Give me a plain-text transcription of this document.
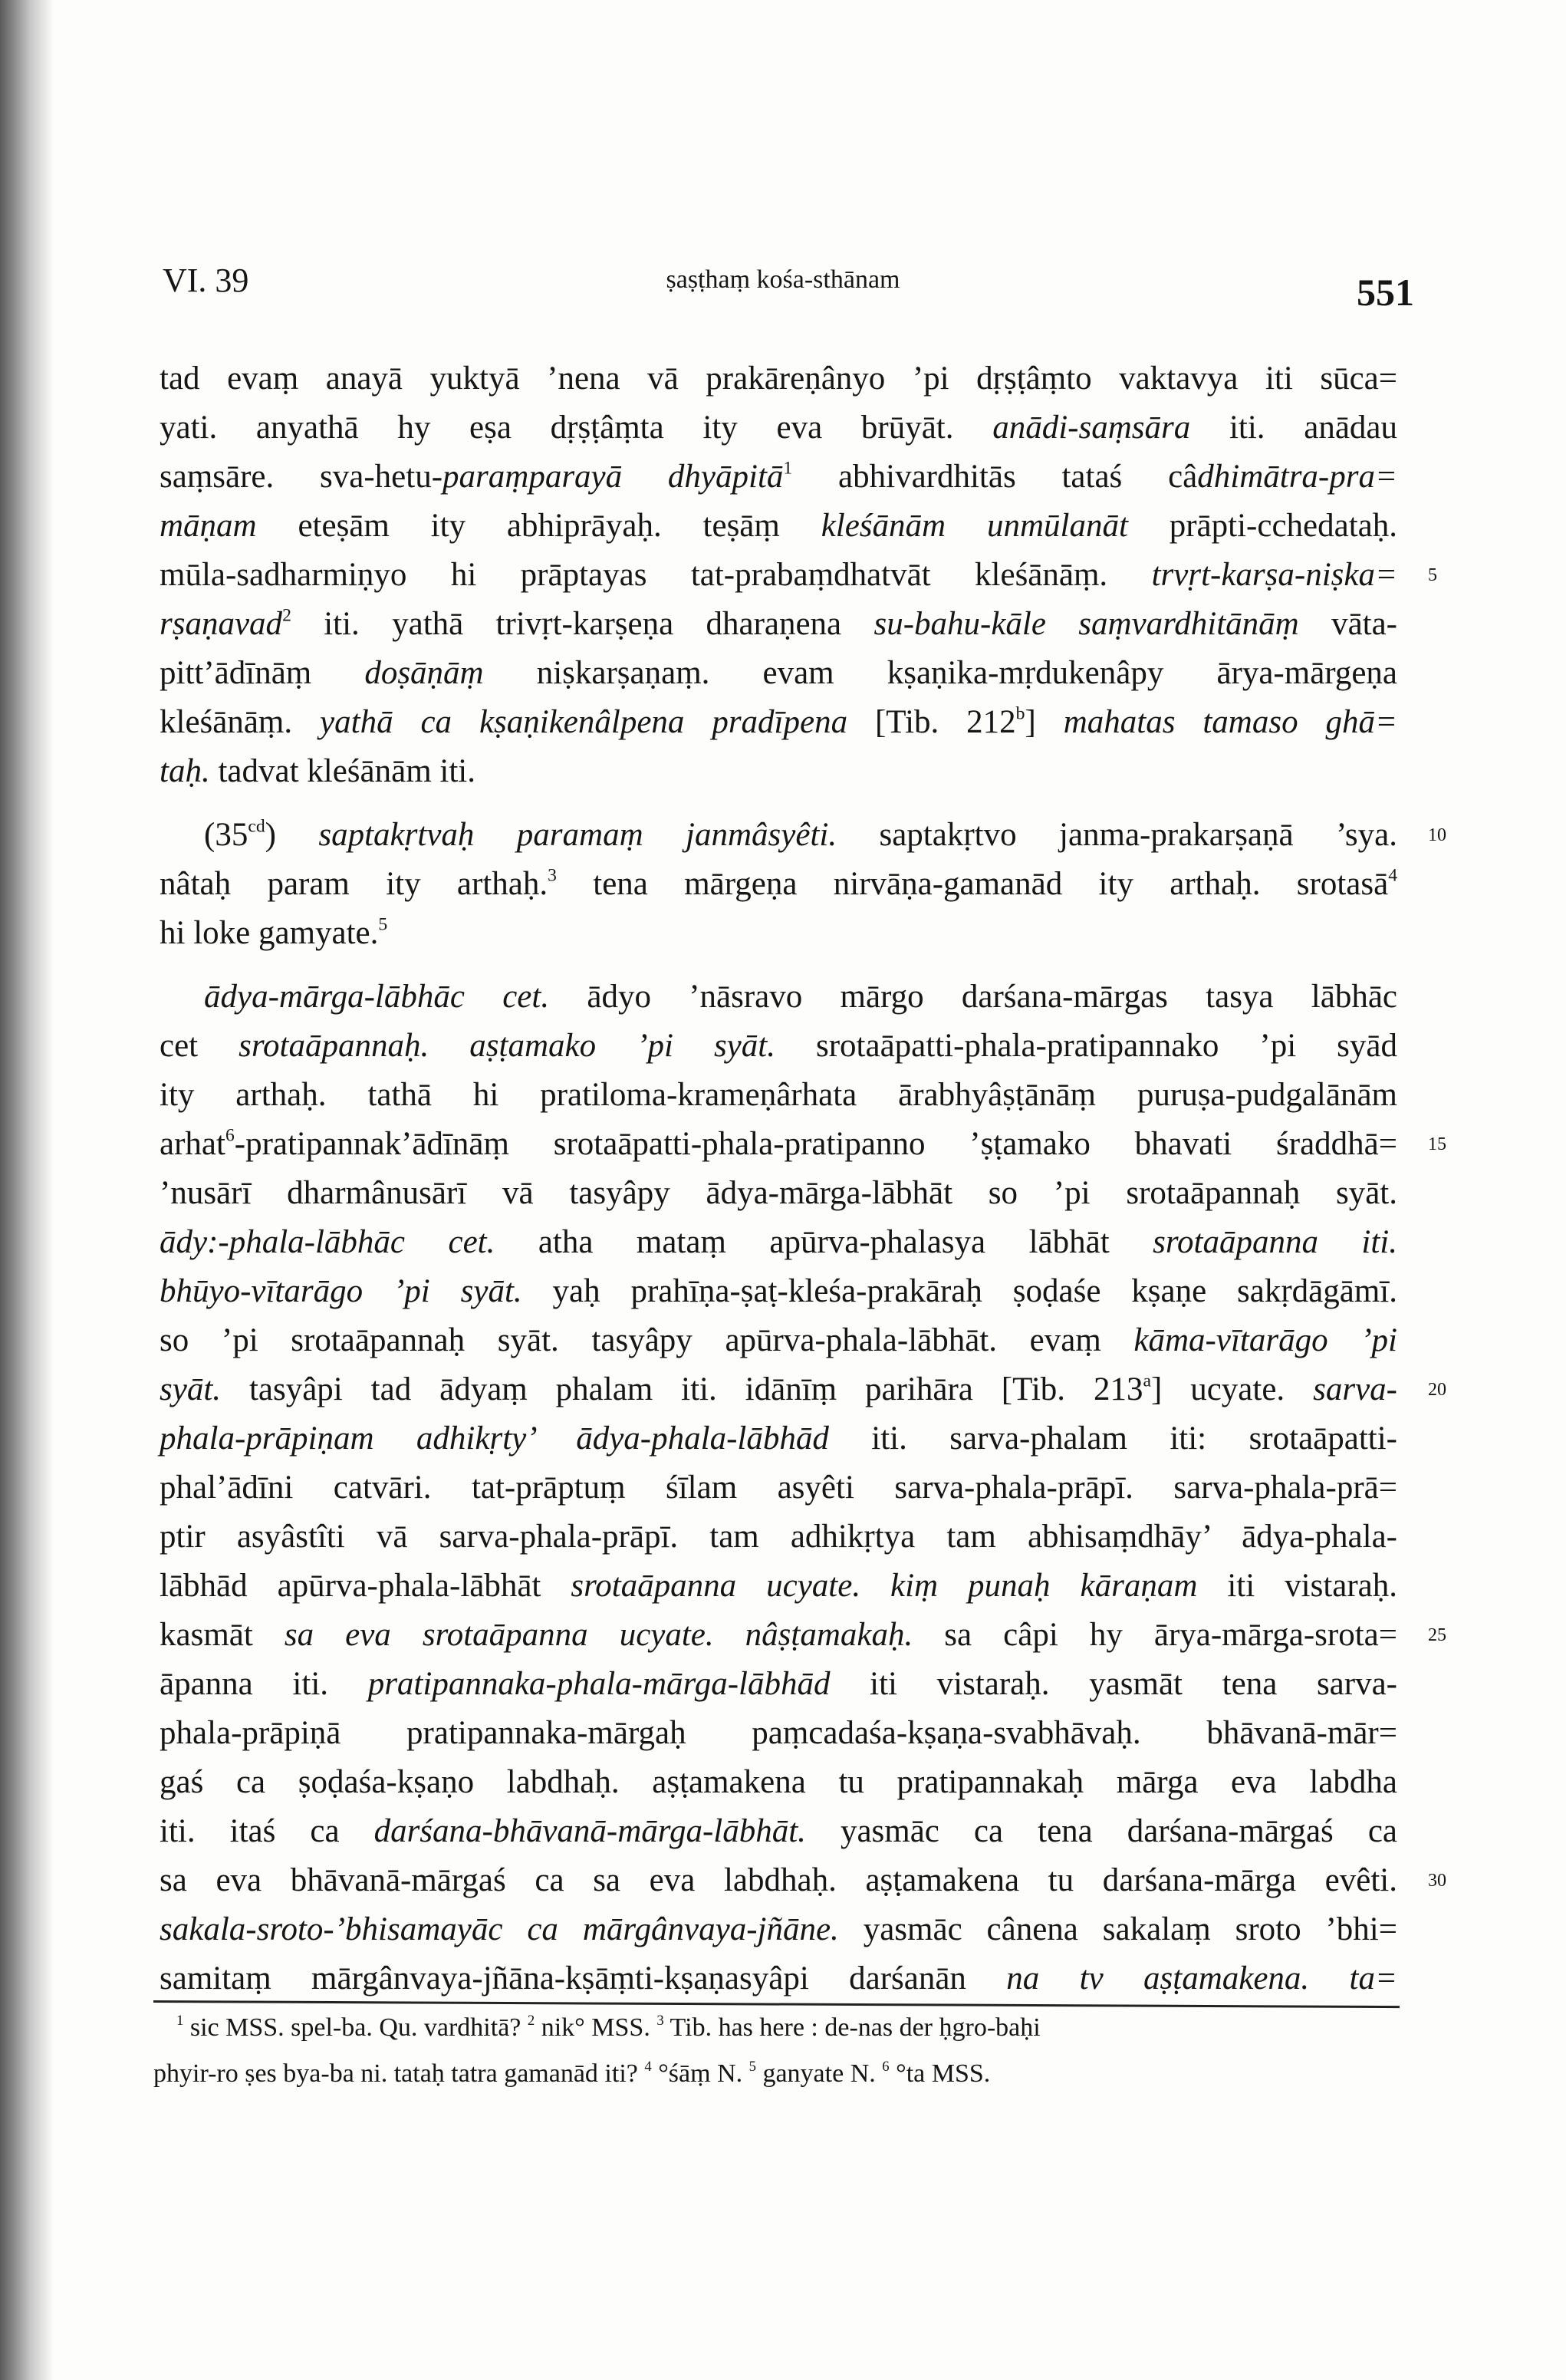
VI. 39	ṣaṣṭhaṃ kośa-sthānam	551
tad evaṃ anayā yuktyā ’nena vā prakāreṇânyo ’pi dṛṣṭâṃto vaktavya iti sūca=
yati. anyathā hy eṣa dṛṣṭâṃta ity eva brūyāt. anādi-saṃsāra iti. anādau
saṃsāre. sva-hetu-paraṃparayā dhyāpitā$^1$ abhivardhitās tataś câdhimātra-pra=
māṇam eteṣām ity abhiprāyaḥ. teṣāṃ kleśānām unmūlanāt prāpti-cchedataḥ.
mūla-sadharmiṇyo hi prāptayas tat-prabaṃdhatvāt kleśānāṃ. trvṛt-karṣa-niṣka= 5
rṣaṇavad$^2$ iti. yathā trivṛt-karṣeṇa dharaṇena su-bahu-kāle saṃvardhitānāṃ vāta-
pitt’ādīnāṃ doṣāṇāṃ niṣkarṣaṇaṃ. evam kṣaṇika-mṛdukenâpy ārya-mārgeṇa
kleśānāṃ. yathā ca kṣaṇikenâlpena pradīpena [Tib. 212$^b$] mahatas tamaso ghā=
taḥ. tadvat kleśānām iti.
$(35^{cd})$ saptakṛtvaḥ paramaṃ janmâsyêti. saptakṛtvo janma-prakarṣaṇā ’sya. 10
nâtaḥ param ity arthaḥ.$^3$ tena mārgeṇa nirvāṇa-gamanād ity arthaḥ. srotasā$^4$
hi loke gamyate.$^5$
ādya-mārga-lābhāc cet. ādyo ’nāsravo mārgo darśana-mārgas tasya lābhāc
cet srotaāpannaḥ. aṣṭamako ’pi syāt. srotaāpatti-phala-pratipannako ’pi syād
ity arthaḥ. tathā hi pratiloma-krameṇârhata ārabhyâṣṭānāṃ puruṣa-pudgalānām
arhat$^6$-pratipannak’ādīnāṃ srotaāpatti-phala-pratipanno ’ṣṭamako bhavati śraddhā= 15
’nusārī dharmânusārī vā tasyâpy ādya-mārga-lābhāt so ’pi srotaāpannaḥ syāt.
ādy:-phala-lābhāc cet. atha mataṃ apūrva-phalasya lābhāt srotaāpanna iti.
bhūyo-vītarāgo ’pi syāt. yaḥ prahīṇa-ṣaṭ-kleśa-prakāraḥ ṣoḍaśe kṣaṇe sakṛdāgāmī.
so ’pi srotaāpannaḥ syāt. tasyâpy apūrva-phala-lābhāt. evaṃ kāma-vītarāgo ’pi
syāt. tasyâpi tad ādyaṃ phalam iti. idānīṃ parihāra [Tib. 213$^a$] ucyate. sarva- 20
phala-prāpiṇam adhikṛty’ ādya-phala-lābhād iti. sarva-phalam iti: srotaāpatti-
phal’ādīni catvāri. tat-prāptuṃ śīlam asyêti sarva-phala-prāpī. sarva-phala-prā=
ptir asyâstîti vā sarva-phala-prāpī. tam adhikṛtya tam abhisaṃdhāy’ ādya-phala-
lābhād apūrva-phala-lābhāt srotaāpanna ucyate. kiṃ punaḥ kāraṇam iti vistaraḥ.
kasmāt sa eva srotaāpanna ucyate. nâṣṭamakaḥ. sa câpi hy ārya-mārga-srota= 25
āpanna iti. pratipannaka-phala-mārga-lābhād iti vistaraḥ. yasmāt tena sarva-
phala-prāpiṇā pratipannaka-mārgaḥ paṃcadaśa-kṣaṇa-svabhāvaḥ. bhāvanā-mār=
gaś ca ṣoḍaśa-kṣaṇo labdhaḥ. aṣṭamakena tu pratipannakaḥ mārga eva labdha
iti. itaś ca darśana-bhāvanā-mārga-lābhāt. yasmāc ca tena darśana-mārgaś ca
sa eva bhāvanā-mārgaś ca sa eva labdhaḥ. aṣṭamakena tu darśana-mārga evêti. 30
sakala-sroto-’bhisamayāc ca mārgânvaya-jñāne. yasmāc cânena sakalaṃ sroto ’bhi=
samitaṃ mārgânvaya-jñāna-kṣāṃti-kṣaṇasyâpi darśanān na tv aṣṭamakena. ta=
$^1$ sic MSS. spel-ba. Qu. vardhitā? $^2$ nik° MSS. $^3$ Tib. has here : de-nas der ḥgro-baḥi
phyir-ro ṣes bya-ba ni. tataḥ tatra gamanād iti? $^4$ °śāṃ N. $^5$ ganyate N. $^6$ °ta MSS.
